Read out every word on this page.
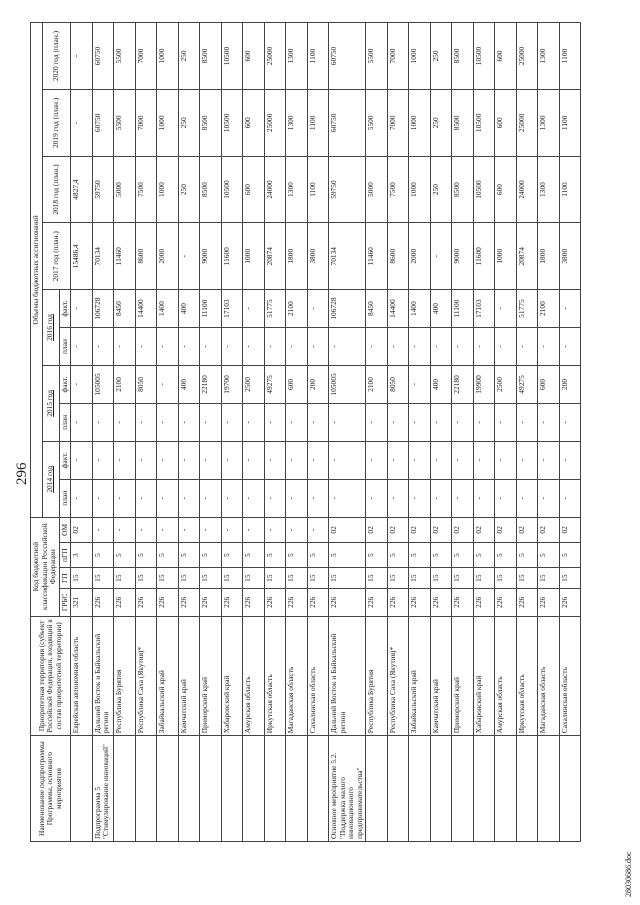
296
Наименование подпрограммы Программы, основного мероприятия	Приоритетная территория (субъект Российской Федерации, входящий в состав приоритетной территории)	Код бюджетной классификации Российской Федерации				Объемы бюджетных ассигнований									
						2014 год		2015 год		2016 год		2017 год (план.)	2018 год (план.)	2019 год (план.)	2020 год (план.)
		ГРБС	ГП	пГП	ОМ	план	факт.	план	факт.	план	факт.				
	Еврейская автономная область	321	15	3	02	-	-	-	-	-	-	15486,4	4827,4	-	-
Подпрограмма 5 "Стимулирование инноваций"	Дальний Восток и Байкальский регион	226	15	5	-	-	-	-	105005	-	106728	70134	59750	60750	60750
	Республика Бурятия	226	15	5	-	-	-	-	2100	-	8450	11460	5000	5500	5500
	Республика Саха (Якутия)*	226	15	5	-	-	-	-	8050	-	14400	8600	7500	7000	7000
	Забайкальский край	226	15	5	-	-	-	-	-	-	1400	2000	1000	1000	1000
	Камчатский край	226	15	5	-	-	-	-	400	-	400	-	250	250	250
	Приморский край	226	15	5	-	-	-	-	22180	-	11100	9000	8500	8500	8500
	Хабаровский край	226	15	5	-	-	-	-	19700	-	17103	11600	10500	10500	10500
	Амурская область	226	15	5	-	-	-	-	2500	-	-	1000	600	600	600
	Иркутская область	226	15	5	-	-	-	-	49275	-	51775	20874	24000	25000	25000
	Магаданская область	226	15	5	-	-	-	-	600	-	2100	1800	1300	1300	1300
	Сахалинская область	226	15	5	-	-	-	-	200	-	-	3800	1100	1100	1100
Основное мероприятие 5.2. "Поддержка малого инновационного предпринимательства"	Дальний Восток и Байкальский регион	226	15	5	02	-	-	-	105005	-	106728	70134	59750	60750	60750
	Республика Бурятия	226	15	5	02	-	-	-	2100	-	8450	11460	5000	5500	5500
	Республика Саха (Якутия)*	226	15	5	02	-	-	-	8050	-	14400	8600	7500	7000	7000
	Забайкальский край	226	15	5	02	-	-	-	-	-	1400	2000	1000	1000	1000
	Камчатский край	226	15	5	02	-	-	-	400	-	400	-	250	250	250
	Приморский край	226	15	5	02	-	-	-	22180	-	11100	9000	8500	8500	8500
	Хабаровский край	226	15	5	02	-	-	-	19900	-	17103	11600	10500	10500	10500
	Амурская область	226	15	5	02	-	-	-	2500	-	-	1000	600	600	600
	Иркутская область	226	15	5	02	-	-	-	49275	-	51775	20874	24000	25000	25000
	Магаданская область	226	15	5	02	-	-	-	600	-	2100	1800	1300	1300	1300
	Сахалинская область	226	15	5	02	-	-	-	200	-	-	3800	1100	1100	1100
28030686.doc
